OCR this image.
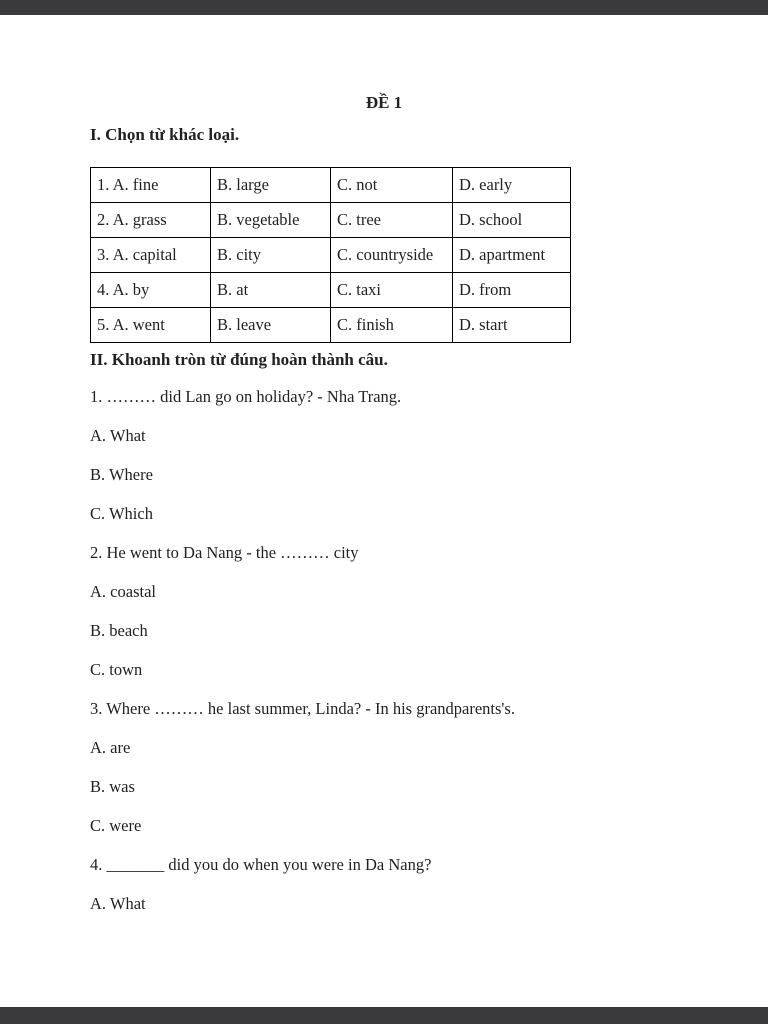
ĐỀ 1
I. Chọn từ khác loại.
1. A. fine	B. large	C. not	D. early
2. A. grass	B. vegetable	C. tree	D. school
3. A. capital	B. city	C. countryside	D. apartment
4. A. by	B. at	C. taxi	D. from
5. A. went	B. leave	C. finish	D. start
II. Khoanh tròn từ đúng hoàn thành câu.

1. ……… did Lan go on holiday? - Nha Trang.

A. What

B. Where

C. Which

2. He went to Da Nang - the ……… city

A. coastal

B. beach

C. town

3. Where ……… he last summer, Linda? - In his grandparents's.

A. are

B. was

C. were

4. _______ did you do when you were in Da Nang?

A. What
